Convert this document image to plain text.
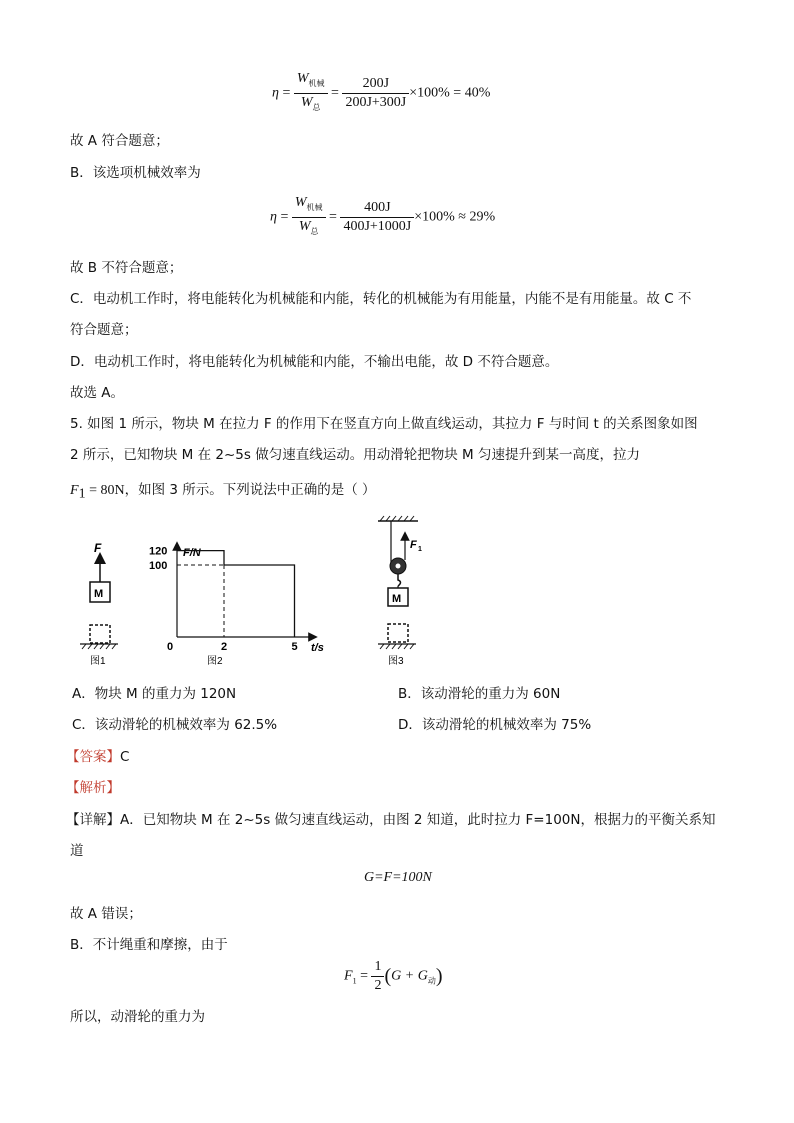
$\eta = \frac{W_{机械}}{W_总} = \frac{200J}{200J+300J} \times 100\% = 40\%$
故 A 符合题意；
B．该选项机械效率为
$\eta = \frac{W_{机械}}{W_总} = \frac{400J}{400J+1000J} \times 100\% \approx 29\%$
故 B 不符合题意；
C．电动机工作时，将电能转化为机械能和内能，转化的机械能为有用能量，内能不是有用能量。故 C 不
符合题意；
D．电动机工作时，将电能转化为机械能和内能，不输出电能，故 D 不符合题意。
故选 A。
5. 如图 1 所示，物块 M 在拉力 F 的作用下在竖直方向上做直线运动，其拉力 F 与时间 t 的关系图象如图
2 所示，已知物块 M 在 2~5s 做匀速直线运动。用动滑轮把物块 M 匀速提升到某一高度，拉力
$F_1 = 80N$，如图 3 所示。下列说法中正确的是（ ）
F
M
图1
F/N
t/s
0
100
120
2	5
图2
F 1
M
图3
A．物块 M 的重力为 120N	B．该动滑轮的重力为 60N
C．该动滑轮的机械效率为 62.5%	D．该动滑轮的机械效率为 75%
【答案】C
【解析】
【详解】A．已知物块 M 在 2~5s 做匀速直线运动，由图 2 知道，此时拉力 F=100N，根据力的平衡关系知
道
G=F=100N
故 A 错误；
B．不计绳重和摩擦，由于
$F_1 = \frac{1}{2} (G + G_动)$
所以，动滑轮的重力为
